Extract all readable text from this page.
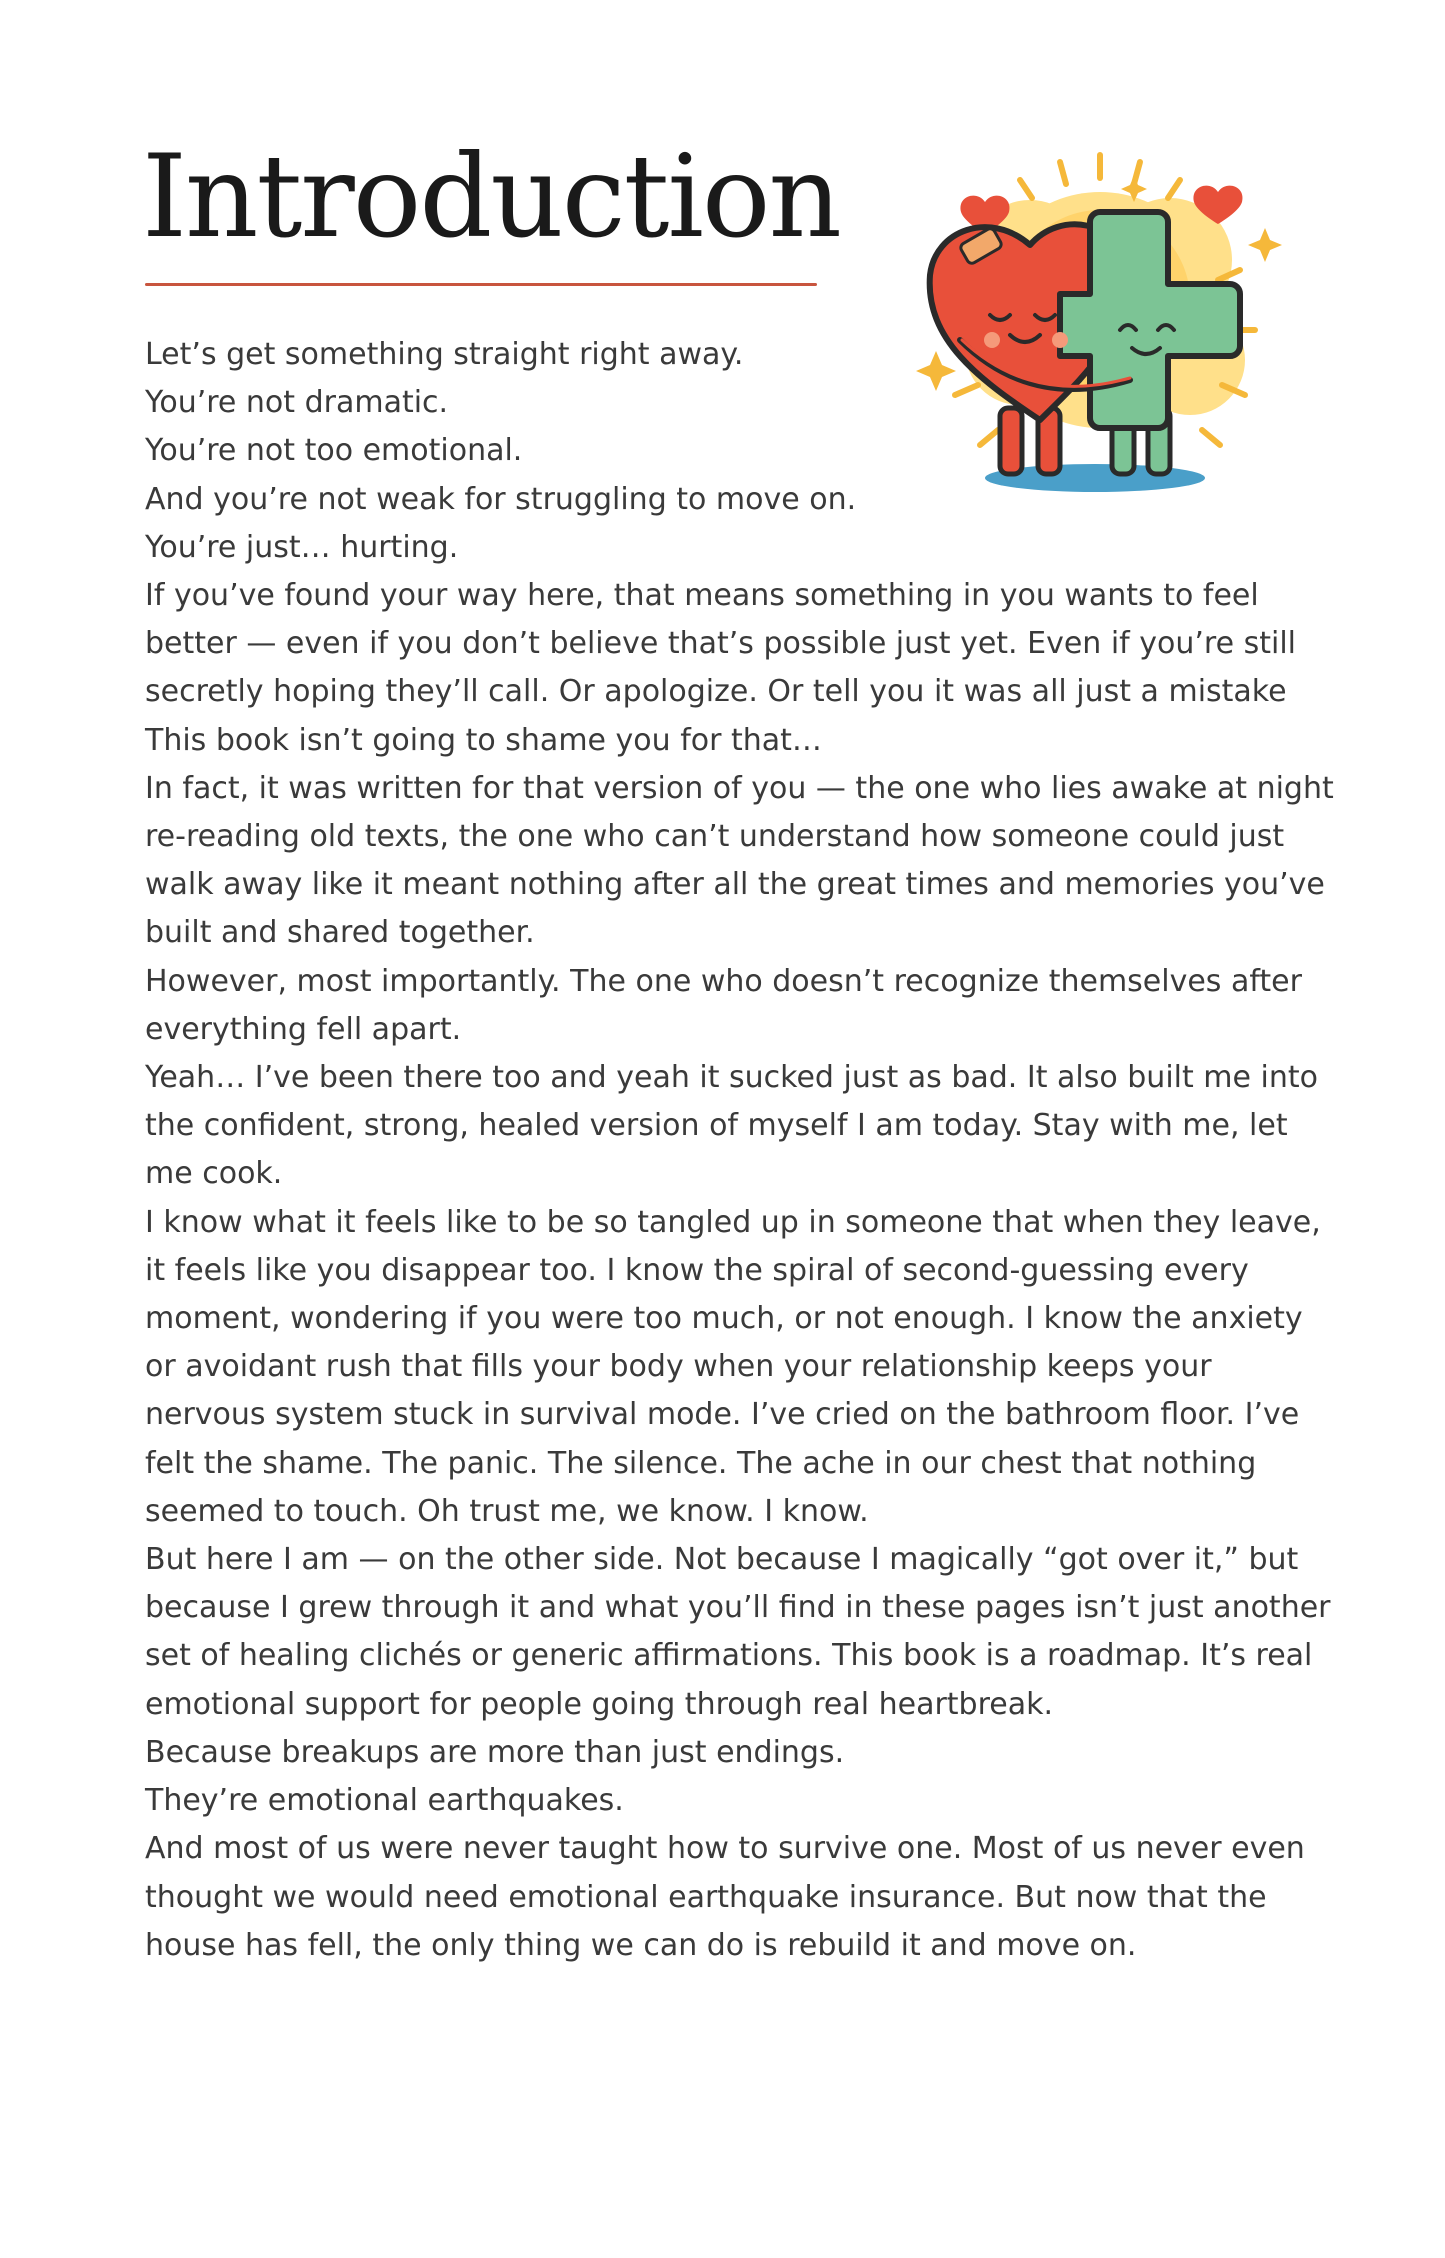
Introduction

Let’s get something straight right away.

You’re not dramatic.

You’re not too emotional.

And you’re not weak for struggling to move on.

You’re just… hurting.

If you’ve found your way here, that means something in you wants to feel better — even if you don’t believe that’s possible just yet. Even if you’re still secretly hoping they’ll call. Or apologize. Or tell you it was all just a mistake

This book isn’t going to shame you for that…

In fact, it was written for that version of you — the one who lies awake at night re-reading old texts, the one who can’t understand how someone could just walk away like it meant nothing after all the great times and memories you’ve built and shared together.

However, most importantly. The one who doesn’t recognize themselves after everything fell apart.

Yeah… I’ve been there too and yeah it sucked just as bad. It also built me into the confident, strong, healed version of myself I am today. Stay with me, let me cook.

I know what it feels like to be so tangled up in someone that when they leave, it feels like you disappear too. I know the spiral of second-guessing every moment, wondering if you were too much, or not enough. I know the anxiety or avoidant rush that fills your body when your relationship keeps your nervous system stuck in survival mode. I’ve cried on the bathroom floor. I’ve felt the shame. The panic. The silence. The ache in our chest that nothing seemed to touch. Oh trust me, we know. I know.

But here I am — on the other side. Not because I magically “got over it,” but because I grew through it and what you’ll find in these pages isn’t just another set of healing clichés or generic affirmations. This book is a roadmap. It’s real emotional support for people going through real heartbreak.

Because breakups are more than just endings.

They’re emotional earthquakes.

And most of us were never taught how to survive one. Most of us never even thought we would need emotional earthquake insurance. But now that the house has fell, the only thing we can do is rebuild it and move on.
